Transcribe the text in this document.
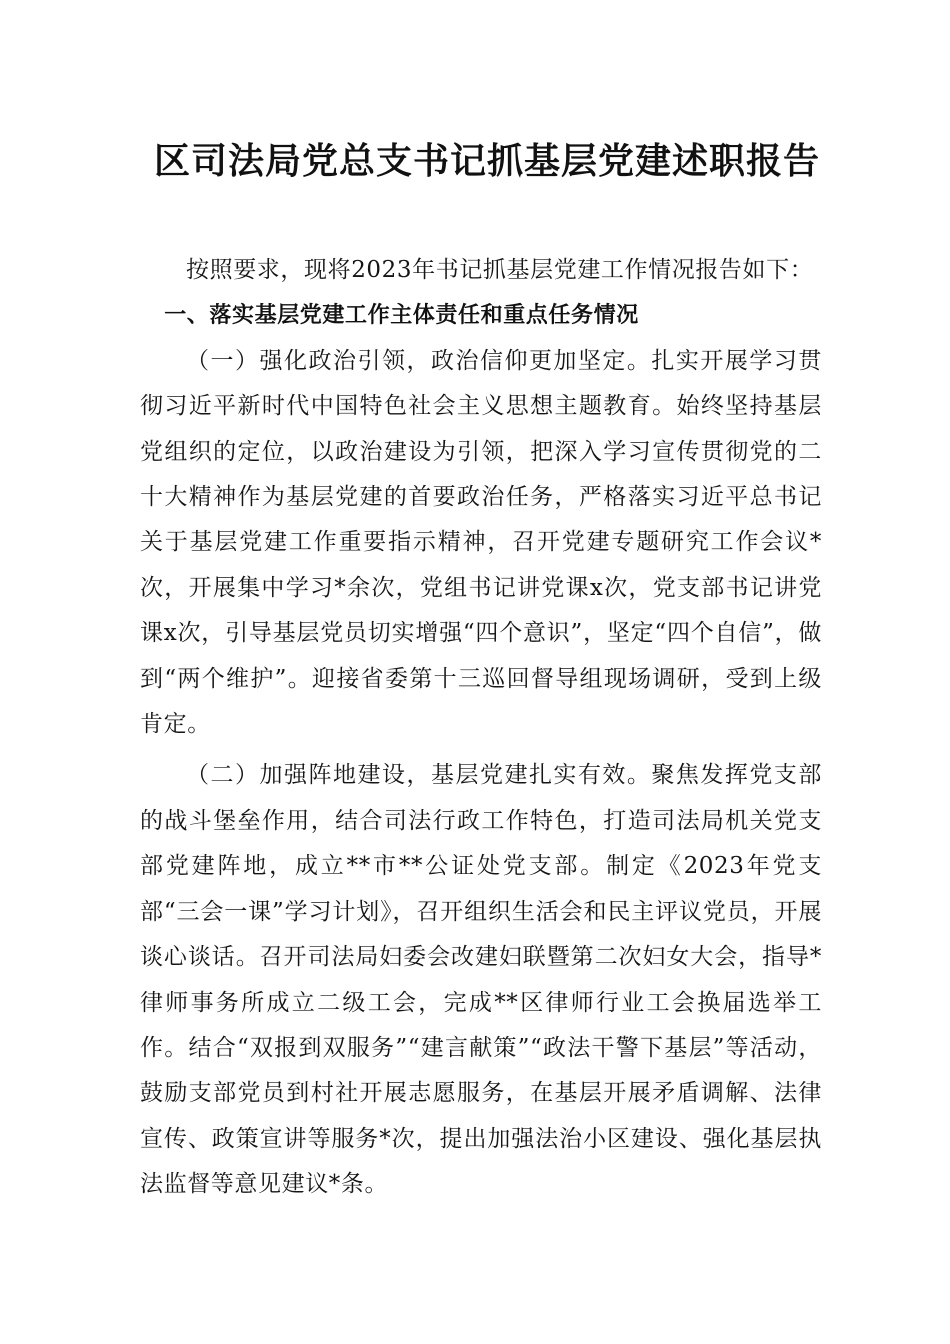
区司法局党总支书记抓基层党建述职报告

按照要求，现将2023年书记抓基层党建工作情况报告如下：

一、落实基层党建工作主体责任和重点任务情况

（一）强化政治引领，政治信仰更加坚定。扎实开展学习贯彻习近平新时代中国特色社会主义思想主题教育。始终坚持基层党组织的定位，以政治建设为引领，把深入学习宣传贯彻党的二十大精神作为基层党建的首要政治任务，严格落实习近平总书记关于基层党建工作重要指示精神，召开党建专题研究工作会议*次，开展集中学习*余次，党组书记讲党课x次，党支部书记讲党课x次，引导基层党员切实增强“四个意识”，坚定“四个自信”，做到“两个维护”。迎接省委第十三巡回督导组现场调研，受到上级肯定。

（二）加强阵地建设，基层党建扎实有效。聚焦发挥党支部的战斗堡垒作用，结合司法行政工作特色，打造司法局机关党支部党建阵地，成立**市**公证处党支部。制定《2023年党支部“三会一课”学习计划》，召开组织生活会和民主评议党员，开展谈心谈话。召开司法局妇委会改建妇联暨第二次妇女大会，指导*律师事务所成立二级工会，完成**区律师行业工会换届选举工作。结合“双报到双服务”“建言献策”“政法干警下基层”等活动，鼓励支部党员到村社开展志愿服务，在基层开展矛盾调解、法律宣传、政策宣讲等服务*次，提出加强法治小区建设、强化基层执法监督等意见建议*条。
